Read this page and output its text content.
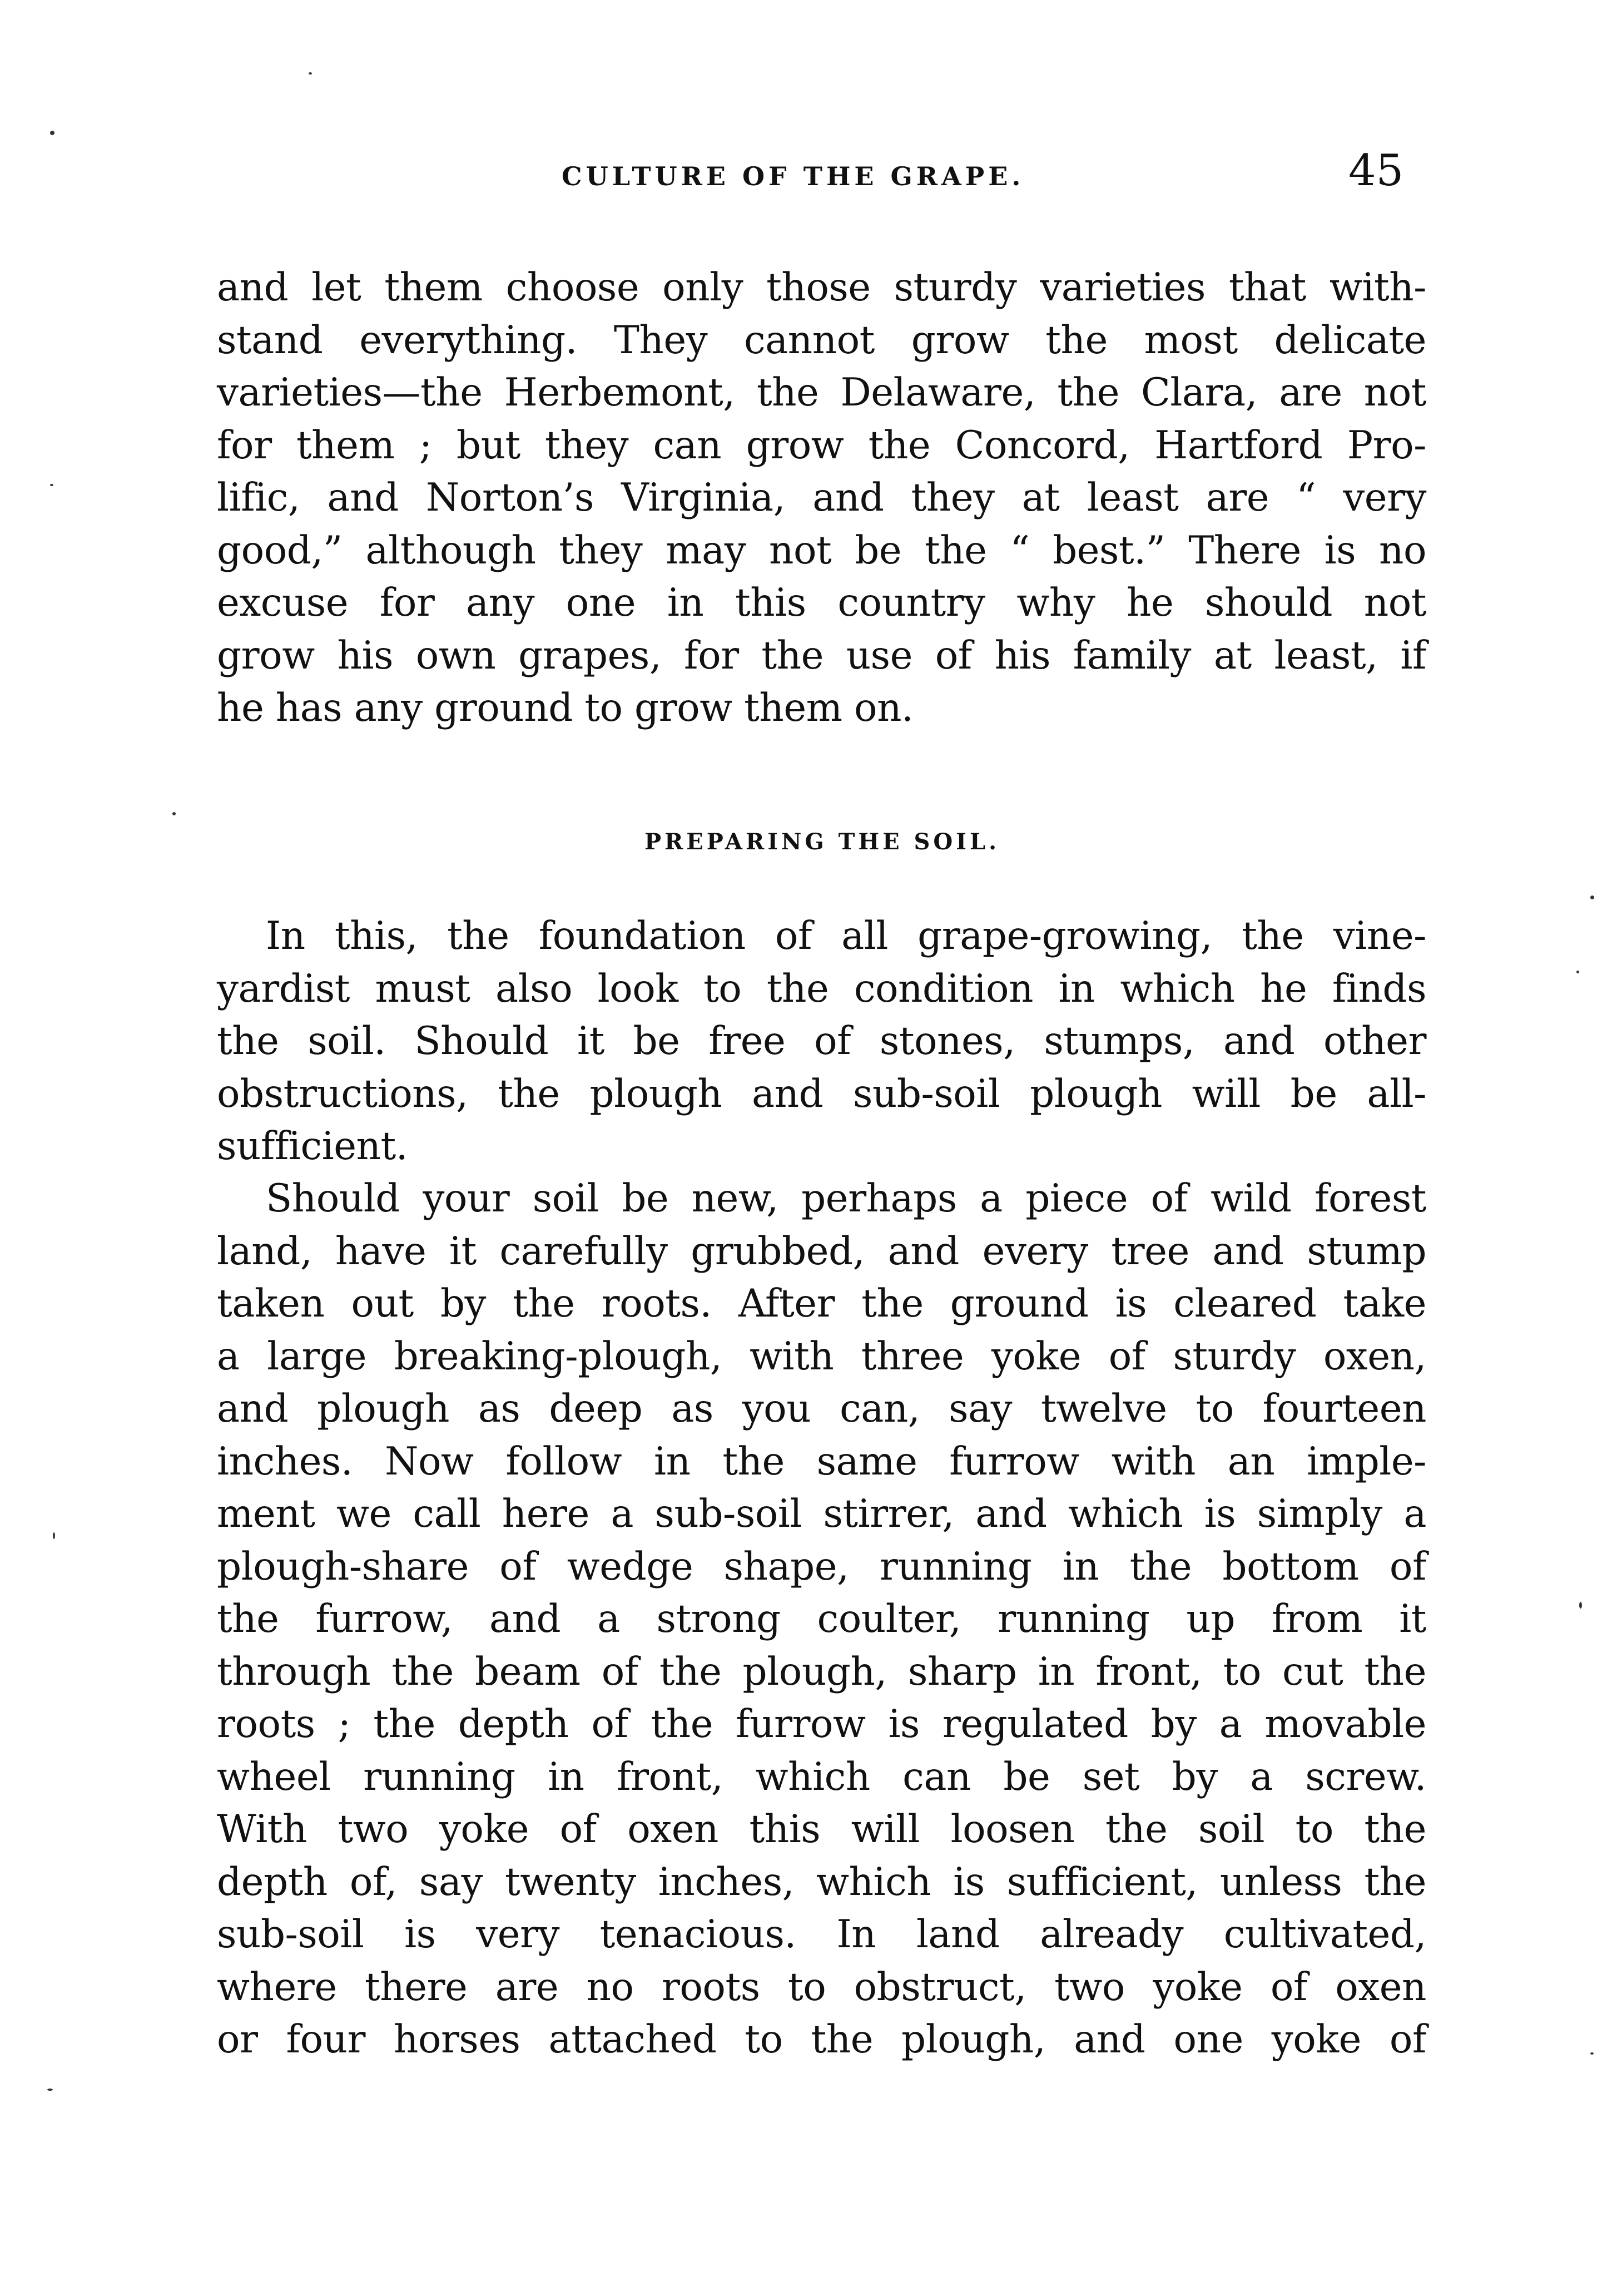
CULTURE OF THE GRAPE.	45
and let them choose only those sturdy varieties that with-
stand everything. They cannot grow the most delicate
varieties—the Herbemont, the Delaware, the Clara, are not
for them ; but they can grow the Concord, Hartford Pro-
lific, and Norton’s Virginia, and they at least are “ very
good,” although they may not be the “ best.” There is no
excuse for any one in this country why he should not
grow his own grapes, for the use of his family at least, if
he has any ground to grow them on.
PREPARING THE SOIL.
In this, the foundation of all grape-growing, the vine-
yardist must also look to the condition in which he finds
the soil. Should it be free of stones, stumps, and other
obstructions, the plough and sub-soil plough will be all-
sufficient.
Should your soil be new, perhaps a piece of wild forest
land, have it carefully grubbed, and every tree and stump
taken out by the roots. After the ground is cleared take
a large breaking-plough, with three yoke of sturdy oxen,
and plough as deep as you can, say twelve to fourteen
inches. Now follow in the same furrow with an imple-
ment we call here a sub-soil stirrer, and which is simply a
plough-share of wedge shape, running in the bottom of
the furrow, and a strong coulter, running up from it
through the beam of the plough, sharp in front, to cut the
roots ; the depth of the furrow is regulated by a movable
wheel running in front, which can be set by a screw.
With two yoke of oxen this will loosen the soil to the
depth of, say twenty inches, which is sufficient, unless the
sub-soil is very tenacious. In land already cultivated,
where there are no roots to obstruct, two yoke of oxen
or four horses attached to the plough, and one yoke of
